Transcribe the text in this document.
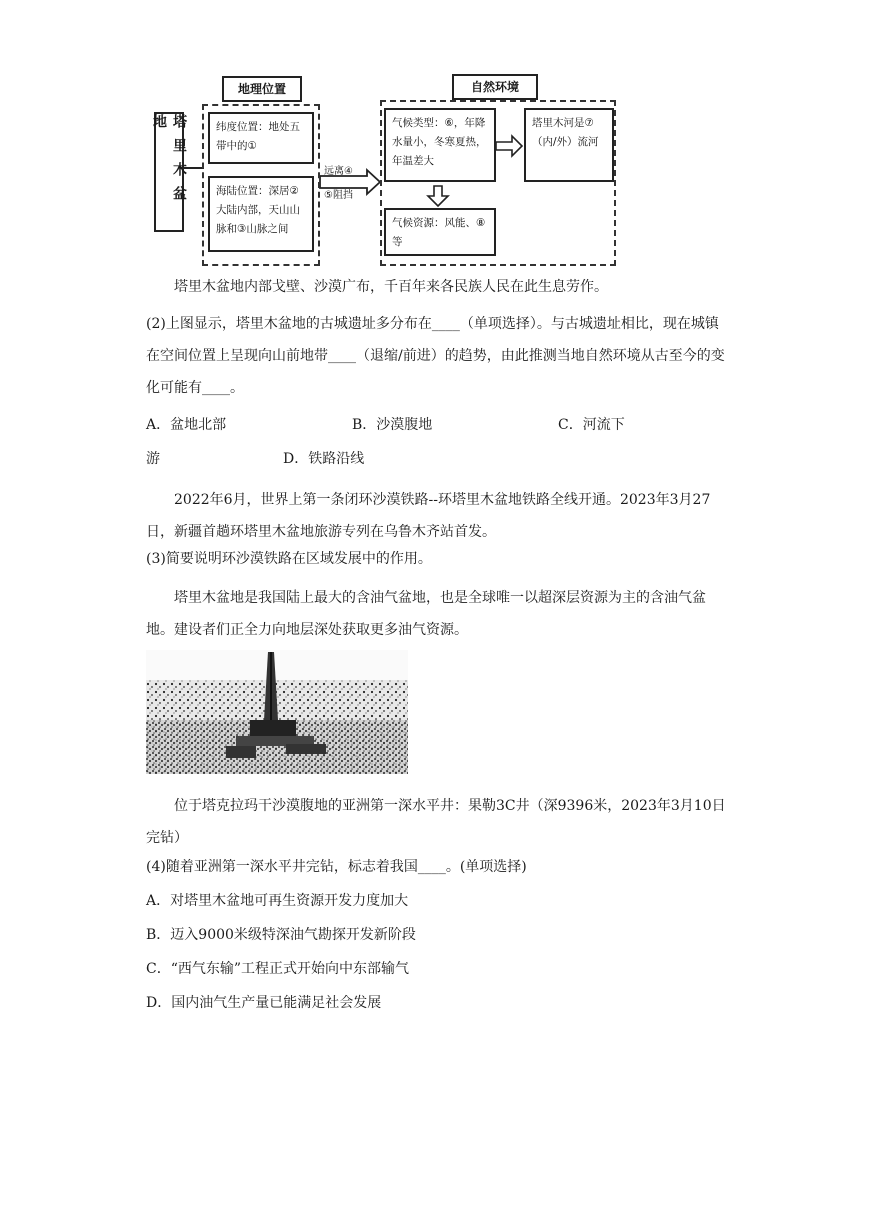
塔里木盆地
地理位置
纬度位置：地处五带中的①
海陆位置：深居②大陆内部，天山山脉和③山脉之间
远离④
⑤阻挡
自然环境
气候类型：⑥，年降水量小，冬寒夏热，年温差大
塔里木河是⑦（内/外）流河
气候资源：风能、⑧等
塔里木盆地内部戈壁、沙漠广布，千百年来各民族人民在此生息劳作。
(2)上图显示，塔里木盆地的古城遗址多分布在____（单项选择）。与古城遗址相比，现在城镇在空间位置上呈现向山前地带____（退缩/前进）的趋势，由此推测当地自然环境从古至今的变化可能有____。
A．盆地北部	B．沙漠腹地	C．河流下
游	D．铁路沿线
2022年6月，世界上第一条闭环沙漠铁路--环塔里木盆地铁路全线开通。2023年3月27日，新疆首趟环塔里木盆地旅游专列在乌鲁木齐站首发。
(3)简要说明环沙漠铁路在区域发展中的作用。
塔里木盆地是我国陆上最大的含油气盆地，也是全球唯一以超深层资源为主的含油气盆地。建设者们正全力向地层深处获取更多油气资源。
位于塔克拉玛干沙漠腹地的亚洲第一深水平井：果勒3C井（深9396米，2023年3月10日完钻）
(4)随着亚洲第一深水平井完钻，标志着我国____。(单项选择)
A．对塔里木盆地可再生资源开发力度加大
B．迈入9000米级特深油气勘探开发新阶段
C．“西气东输”工程正式开始向中东部输气
D．国内油气生产量已能满足社会发展
